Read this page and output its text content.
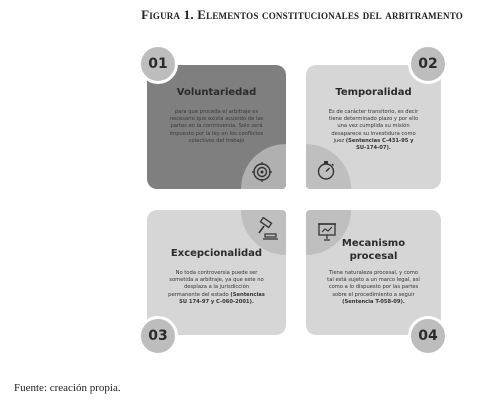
Figura 1. Elementos constitucionales del arbitramento
Voluntariedad
para que proceda el arbitraje es
necesario que exista acuerdo de las
partes en la controversia. Solo será
impuesto por la ley en los conflictos
colectivos del trabajo
Temporalidad
Es de carácter transitorio, es decir
tiene determinado plazo y por ello
una vez cumplida su misión
desaparece su investidura como
juez (Sentencias C-431-95 y
SU-174-07).
Excepcionalidad
No toda controversia puede ser
sometida a arbitraje, ya que este no
desplaza a la jurisdicción
permanente del estado (Sentencias
SU 174-97 y C-060-2001).
Mecanismo
procesal
Tiene naturaleza procesal, y como
tal está sujeto a un marco legal, así
como a lo dispuesto por las partes
sobre el procedimiento a seguir
(Sentencia T-058-09).
01	02
03	04
Fuente: creación propia.
